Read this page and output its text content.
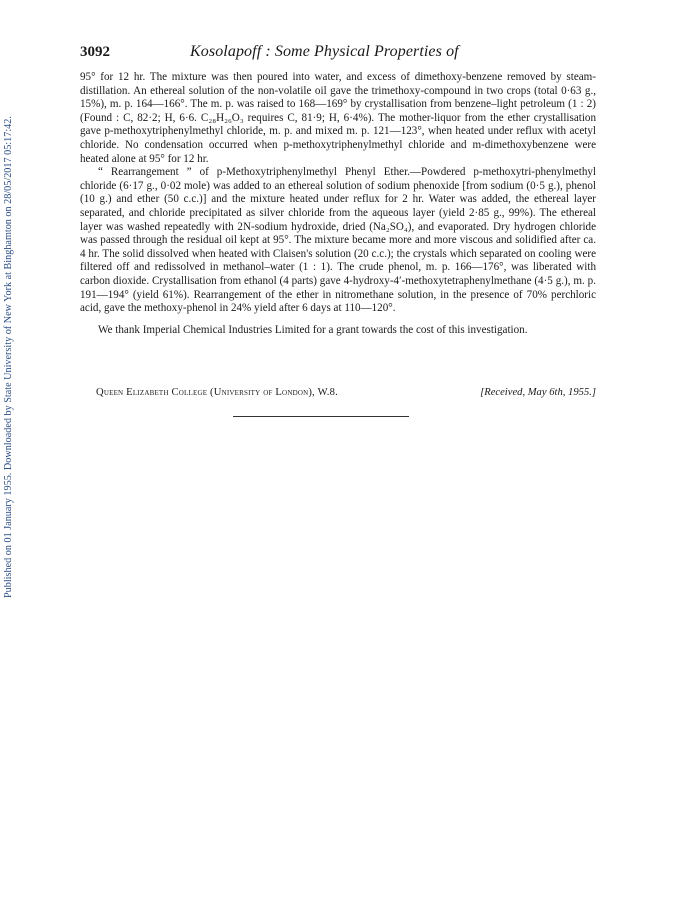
Published on 01 January 1955. Downloaded by State University of New York at Binghamton on 28/05/2017 05:17:42.
3092	Kosolapoff : Some Physical Properties of

95° for 12 hr. The mixture was then poured into water, and excess of dimethoxy-benzene removed by steam-distillation. An ethereal solution of the non-volatile oil gave the trimethoxy-compound in two crops (total 0·63 g., 15%), m. p. 164—166°. The m. p. was raised to 168—169° by crystallisation from benzene–light petroleum (1 : 2) (Found : C, 82·2; H, 6·6. C₂₈H₂₆O₃ requires C, 81·9; H, 6·4%). The mother-liquor from the ether crystallisation gave p-methoxytriphenylmethyl chloride, m. p. and mixed m. p. 121—123°, when heated under reflux with acetyl chloride. No condensation occurred when p-methoxytriphenylmethyl chloride and m-dimethoxybenzene were heated alone at 95° for 12 hr.

“ Rearrangement ” of p-Methoxytriphenylmethyl Phenyl Ether.—Powdered p-methoxytri-phenylmethyl chloride (6·17 g., 0·02 mole) was added to an ethereal solution of sodium phenoxide [from sodium (0·5 g.), phenol (10 g.) and ether (50 c.c.)] and the mixture heated under reflux for 2 hr. Water was added, the ethereal layer separated, and chloride precipitated as silver chloride from the aqueous layer (yield 2·85 g., 99%). The ethereal layer was washed repeatedly with 2N-sodium hydroxide, dried (Na₂SO₄), and evaporated. Dry hydrogen chloride was passed through the residual oil kept at 95°. The mixture became more and more viscous and solidified after ca. 4 hr. The solid dissolved when heated with Claisen's solution (20 c.c.); the crystals which separated on cooling were filtered off and redissolved in methanol–water (1 : 1). The crude phenol, m. p. 166—176°, was liberated with carbon dioxide. Crystallisation from ethanol (4 parts) gave 4-hydroxy-4′-methoxytetraphenylmethane (4·5 g.), m. p. 191—194° (yield 61%). Rearrangement of the ether in nitromethane solution, in the presence of 70% perchloric acid, gave the methoxy-phenol in 24% yield after 6 days at 110—120°.

We thank Imperial Chemical Industries Limited for a grant towards the cost of this investigation.

Queen Elizabeth College (University of London), W.8.	[Received, May 6th, 1955.]
